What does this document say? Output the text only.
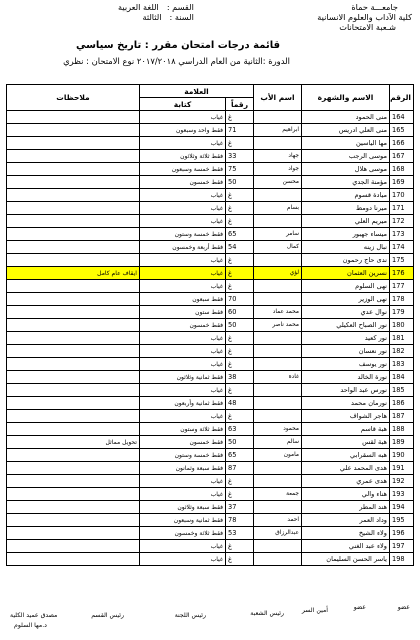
جامعـــة حماة
كلية الآداب والعلوم الانسانية
شـعبة الامتحانات
القسم :
اللغة العربية
السنة :
الثالثة
قائمة درجات امتحان مقرر : تاريخ سياسي
الدورة :الثانية من العام الدراسي ٢٠١٧/٢٠١٨ نوع الامتحان : نظري
الرقم	الاسم والشهرة	اسم الأب	العلامة		ملاحظات
			رقماً	كتابة	
164	منى الحمود		غ	غياب	
165	منى العلي ادريس	ابراهيم	71	فقط واحد وسبعون	
166	مها الياسين		غ	غياب	
167	موسى الرجب	جهاد	33	فقط ثلاثة وثلاثون	
168	موسى هلال	جواد	75	فقط خمسة وسبعون	
169	مؤمنة الجدي	محسن	50	فقط خمسون	
170	ميادة قسوم		غ	غياب	
171	ميرنا دومط	بسام	غ	غياب	
172	ميريم العلي		غ	غياب	
173	ميساء جهبور	سامر	65	فقط خمسة وستون	
174	نبال زينه	كمال	54	فقط أربعة وخمسون	
175	ندى حاج رحمون		غ	غياب	
176	نسرين العثمان	لؤي	غ	غياب	ايقاف عام كامل
177	نهى السلوم		غ	غياب	
178	نهى الوزير		70	فقط سبعون	
179	نوال عدي	محمد عماد	60	فقط ستون	
180	نور الصباح العكيلي	محمد ناصر	50	فقط خمسون	
181	نور كعيد		غ	غياب	
182	نور نعسان		غ	غياب	
183	نور يوسف		غ	غياب	
184	نورة الخالد	غادة	38	فقط ثمانية وثلاثون	
185	نورس عبد الواحد		غ	غياب	
186	نورمان محمد		48	فقط ثمانية وأربعون	
187	هاجر الشواف		غ	غياب	
188	هبة قاسم	محمود	63	فقط ثلاثة وستون	
189	هبة لقس	سالم	50	فقط خمسون	تحويل مماثل
190	هبه السقرابي	مامون	65	فقط خمسة وستون	
191	هدى المحمد علي		87	فقط سبعة وثمانون	
192	هدى عمري		غ	غياب	
193	هناء والي	جمعة	غ	غياب	
194	هند المطر		37	فقط سبعة وثلاثون	
195	وداد العمر	احمد	78	فقط ثمانية وسبعون	
196	ولاء الشيخ	عبدالرزاق	53	فقط ثلاثة وخمسون	
197	ولاء عبد الغني		غ	غياب	
198	ياسر الحسن السليمان		غ	غياب	
عضو
عضو
أمين السر
رئيس الشعبة
رئيس اللجنة
رئيس القسم
مصدق عميد الكلية
د.مها السلوم
